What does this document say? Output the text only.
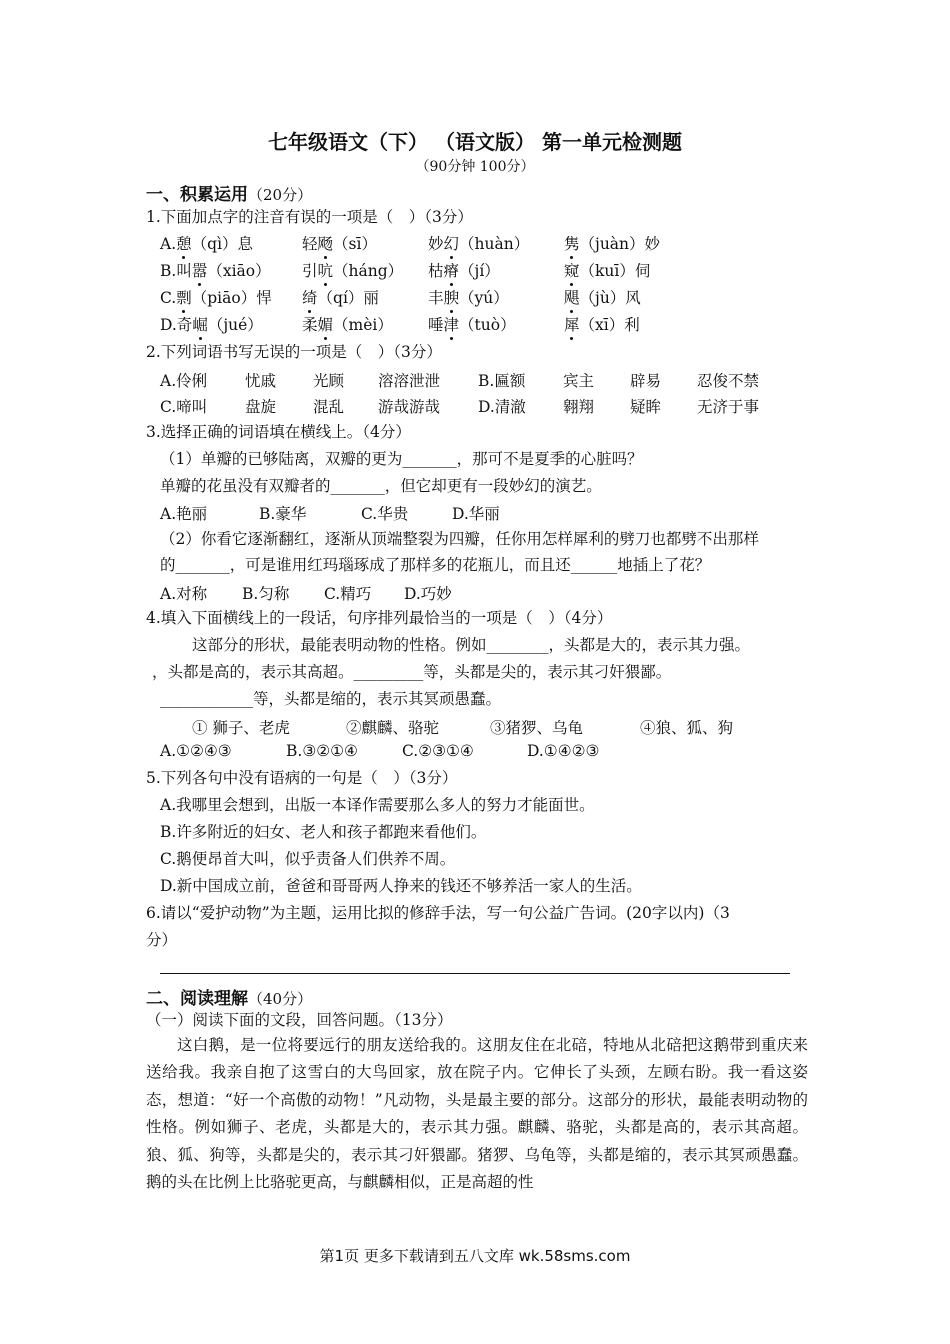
七年级语文（下） （语文版） 第一单元检测题
（90分钟 100分）
一、积累运用（20分）
1.下面加点字的注音有误的一项是（　）（3分）
A.憩（qì）息	轻飏（sī）	妙幻（huàn） 隽（juàn）妙
B.叫嚣（xiāo） 引吭（háng） 枯瘠（jí）	窥（kuī）伺
C.剽（piāo）悍 绮（qí）丽	丰腴（yú）	飓（jù）风
D.奇崛（jué）	柔媚（mèi） 唾津（tuò）	犀（xī）利
2.下列词语书写无误的一项是（　）（3分）
A.伶俐 忧戚 光顾 溶溶泄泄 B.匾额 宾主 辟易 忍俊不禁
C.啼叫 盘旋 混乱 游哉游哉 D.清澈 翱翔 疑眸 无济于事
3.选择正确的词语填在横线上。（4分）
（1）单瓣的已够陆离，双瓣的更为_______，那可不是夏季的心脏吗？
单瓣的花虽没有双瓣者的_______，但它却更有一段妙幻的演艺。
A.艳丽	B.豪华	C.华贵	D.华丽
（2）你看它逐渐翻红，逐渐从顶端整裂为四瓣，任你用怎样犀利的劈刀也都劈不出那样
的_______，可是谁用红玛瑙琢成了那样多的花瓶儿，而且还______地插上了花？
A.对称 B.匀称 C.精巧 D.巧妙
4.填入下面横线上的一段话，句序排列最恰当的一项是（　）（4分）
这部分的形状，最能表明动物的性格。例如________，头都是大的，表示其力强。
，头都是高的，表示其高超。_________等，头都是尖的，表示其刁奸猥鄙。
____________等，头都是缩的，表示其冥顽愚蠢。
① 狮子、老虎	②麒麟、骆驼	③猪猡、乌龟	④狼、狐、狗
A.①②④③	B.③②①④	C.②③①④	D.①④②③
5.下列各句中没有语病的一句是（　）（3分）
A.我哪里会想到，出版一本译作需要那么多人的努力才能面世。
B.许多附近的妇女、老人和孩子都跑来看他们。
C.鹅便昂首大叫，似乎责备人们供养不周。
D.新中国成立前，爸爸和哥哥两人挣来的钱还不够养活一家人的生活。
6.请以“爱护动物”为主题，运用比拟的修辞手法，写一句公益广告词。(20字以内)（3
分）
二、阅读理解（40分）
（一）阅读下面的文段，回答问题。（13分）
这白鹅，是一位将要远行的朋友送给我的。这朋友住在北碚，特地从北碚把这鹅带到重庆来送给我。我亲自抱了这雪白的大鸟回家，放在院子内。它伸长了头颈，左顾右盼。我一看这姿态，想道：“好一个高傲的动物！”凡动物，头是最主要的部分。这部分的形状，最能表明动物的性格。例如狮子、老虎，头都是大的，表示其力强。麒麟、骆驼，头都是高的，表示其高超。狼、狐、狗等，头都是尖的，表示其刁奸猥鄙。猪猡、乌龟等，头都是缩的，表示其冥顽愚蠢。鹅的头在比例上比骆驼更高，与麒麟相似，正是高超的性
第1页 更多下载请到五八文库 wk.58sms.com
